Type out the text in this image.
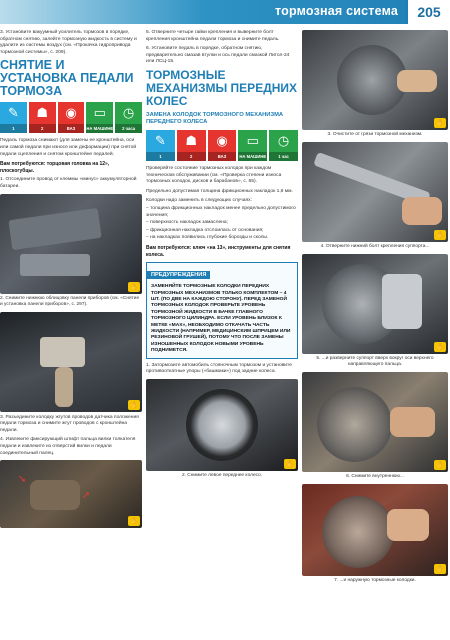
тормозная система	205

3. Установите вакуумный усилитель тормозов в порядке, обратном снятию, залейте тормозную жидкость в систему и удалите из системы воздух (см. «Прокачка гидропривода тормозной системы», с. 209).

СНЯТИЕ И УСТАНОВКА ПЕДАЛИ ТОРМОЗА
✎
1
☗
2
◉
ВАЗ
▭
НА МАШИНЕ
◷
2 часа

Педаль тормоза снимают (для замены ее кронштейна, оси или самой педали при износе или деформации) при снятой педали сцепления и снятом кронштейне педалей.

Вам потребуются: торцовая головка на 12», плоскогубцы.

1. Отсоедините провод от клеммы «минус» аккумуляторной батареи.

✋

2. Снимите нижнюю облицовку панели приборов (см. «Снятие и установка панели приборов», с. 297).

✋

3. Разъедините колодку жгутов проводов датчика положения педали тормоза и снимите жгут проводов с кронштейна педали.

4. Извлеките фиксирующий штифт пальца вилки толкателя педали и извлеките из отверстий вилки и педали соединительный палец.

➘
➚
✋

5. Отверните четыре гайки крепления и выверните болт крепления кронштейна педали тормоза и снимите педаль.

6. Установите педаль в порядке, обратном снятию, предварительно смазав втулки и ось педали смазкой Литол-24 или ЛСЦ-15.

ТОРМОЗНЫЕ МЕХАНИЗМЫ ПЕРЕДНИХ КОЛЕС
ЗАМЕНА КОЛОДОК ТОРМОЗНОГО МЕХАНИЗМА ПЕРЕДНЕГО КОЛЕСА
✎
1
☗
2
◉
ВАЗ
▭
НА МАШИНЕ
◷
1 час

Проверяйте состояние тормозных колодок при каждом техническом обслуживании (см. «Проверка степени износа тормозных колодок, дисков и барабанов», с. 65).

Предельно допустимая толщина фрикционных накладок 1,6 мм.

Колодки надо заменить в следующих случаях:

– толщина фрикционных накладок менее предельно допустимого значения;

– поверхность накладок замаслена;

– фрикционная накладка отслоилась от основания;

– на накладках появились глубокие борозды и сколы.

Вам потребуются: ключ «на 13», инструменты для снятия колеса.

ПРЕДУПРЕЖДЕНИЯ
ЗАМЕНЯЙТЕ ТОРМОЗНЫЕ КОЛОДКИ ПЕРЕДНИХ ТОРМОЗНЫХ МЕХАНИЗМОВ ТОЛЬКО КОМПЛЕКТОМ – 4 ШТ. (ПО ДВЕ НА КАЖДОЮ СТОРОНУ). ПЕРЕД ЗАМЕНОЙ ТОРМОЗНЫХ КОЛОДОК ПРОВЕРЬТЕ УРОВЕНЬ ТОРМОЗНОЙ ЖИДКОСТИ В БАЧКЕ ГЛАВНОГО ТОРМОЗНОГО ЦИЛИНДРА. ЕСЛИ УРОВЕНЬ БЛИЗОК К МЕТКЕ «MAX», НЕОБХОДИМО ОТКАЧАТЬ ЧАСТЬ ЖИДКОСТИ (НАПРИМЕР, МЕДИЦИНСКИМ ШПРИЦЕМ ИЛИ РЕЗИНОВОЙ ГРУШЕЙ), ПОТОМУ ЧТО ПОСЛЕ ЗАМЕНЫ ИЗНОШЕННЫХ КОЛОДОК НОВЫМИ УРОВЕНЬ ПОДНИМЕТСЯ.

1. Затормозите автомобиль стояночным тормозом и установите противооткатные упоры («башмаки») под задние колеса.

✋

2. Снимите левое переднее колесо.

✋

3. Очистите от грязи тормозной механизм.

✋

4. Отверните нижний болт крепления суппорта...

✋

5. ...и разверните суппорт вверх вокруг оси верхнего направляющего пальца.

✋

6. Снимите внутреннюю...

✋

7. ...и наружную тормозные колодки.
